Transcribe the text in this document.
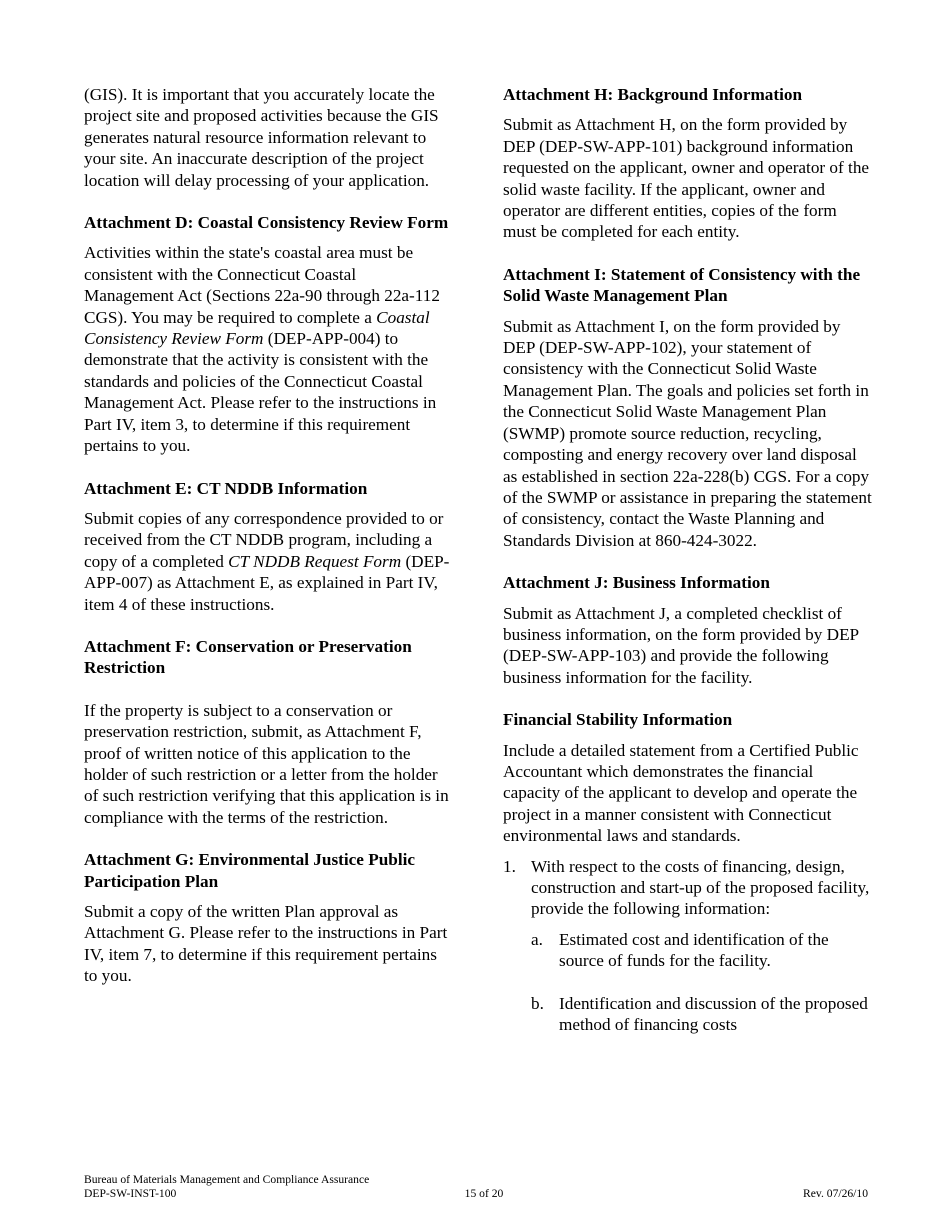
(GIS). It is important that you accurately locate the project site and proposed activities because the GIS generates natural resource information relevant to your site. An inaccurate description of the project location will delay processing of your application.

Attachment D: Coastal Consistency Review Form

Activities within the state's coastal area must be consistent with the Connecticut Coastal Management Act (Sections 22a-90 through 22a-112 CGS). You may be required to complete a Coastal Consistency Review Form (DEP-APP-004) to demonstrate that the activity is consistent with the standards and policies of the Connecticut Coastal Management Act. Please refer to the instructions in Part IV, item 3, to determine if this requirement pertains to you.

Attachment E: CT NDDB Information

Submit copies of any correspondence provided to or received from the CT NDDB program, including a copy of a completed CT NDDB Request Form (DEP-APP-007) as Attachment E, as explained in Part IV, item 4 of these instructions.

Attachment F: Conservation or Preservation Restriction

If the property is subject to a conservation or preservation restriction, submit, as Attachment F, proof of written notice of this application to the holder of such restriction or a letter from the holder of such restriction verifying that this application is in compliance with the terms of the restriction.

Attachment G: Environmental Justice Public Participation Plan

Submit a copy of the written Plan approval as Attachment G. Please refer to the instructions in Part IV, item 7, to determine if this requirement pertains to you.

Attachment H: Background Information

Submit as Attachment H, on the form provided by DEP (DEP-SW-APP-101) background information requested on the applicant, owner and operator of the solid waste facility. If the applicant, owner and operator are different entities, copies of the form must be completed for each entity.

Attachment I: Statement of Consistency with the Solid Waste Management Plan

Submit as Attachment I, on the form provided by DEP (DEP-SW-APP-102), your statement of consistency with the Connecticut Solid Waste Management Plan. The goals and policies set forth in the Connecticut Solid Waste Management Plan (SWMP) promote source reduction, recycling, composting and energy recovery over land disposal as established in section 22a-228(b) CGS. For a copy of the SWMP or assistance in preparing the statement of consistency, contact the Waste Planning and Standards Division at 860-424-3022.

Attachment J: Business Information

Submit as Attachment J, a completed checklist of business information, on the form provided by DEP (DEP-SW-APP-103) and provide the following business information for the facility.

Financial Stability Information

Include a detailed statement from a Certified Public Accountant which demonstrates the financial capacity of the applicant to develop and operate the project in a manner consistent with Connecticut environmental laws and standards.

1. With respect to the costs of financing, design, construction and start-up of the proposed facility, provide the following information:
a. Estimated cost and identification of the source of funds for the facility.
b. Identification and discussion of the proposed method of financing costs
Bureau of Materials Management and Compliance Assurance
DEP-SW-INST-100	15 of 20	Rev. 07/26/10
